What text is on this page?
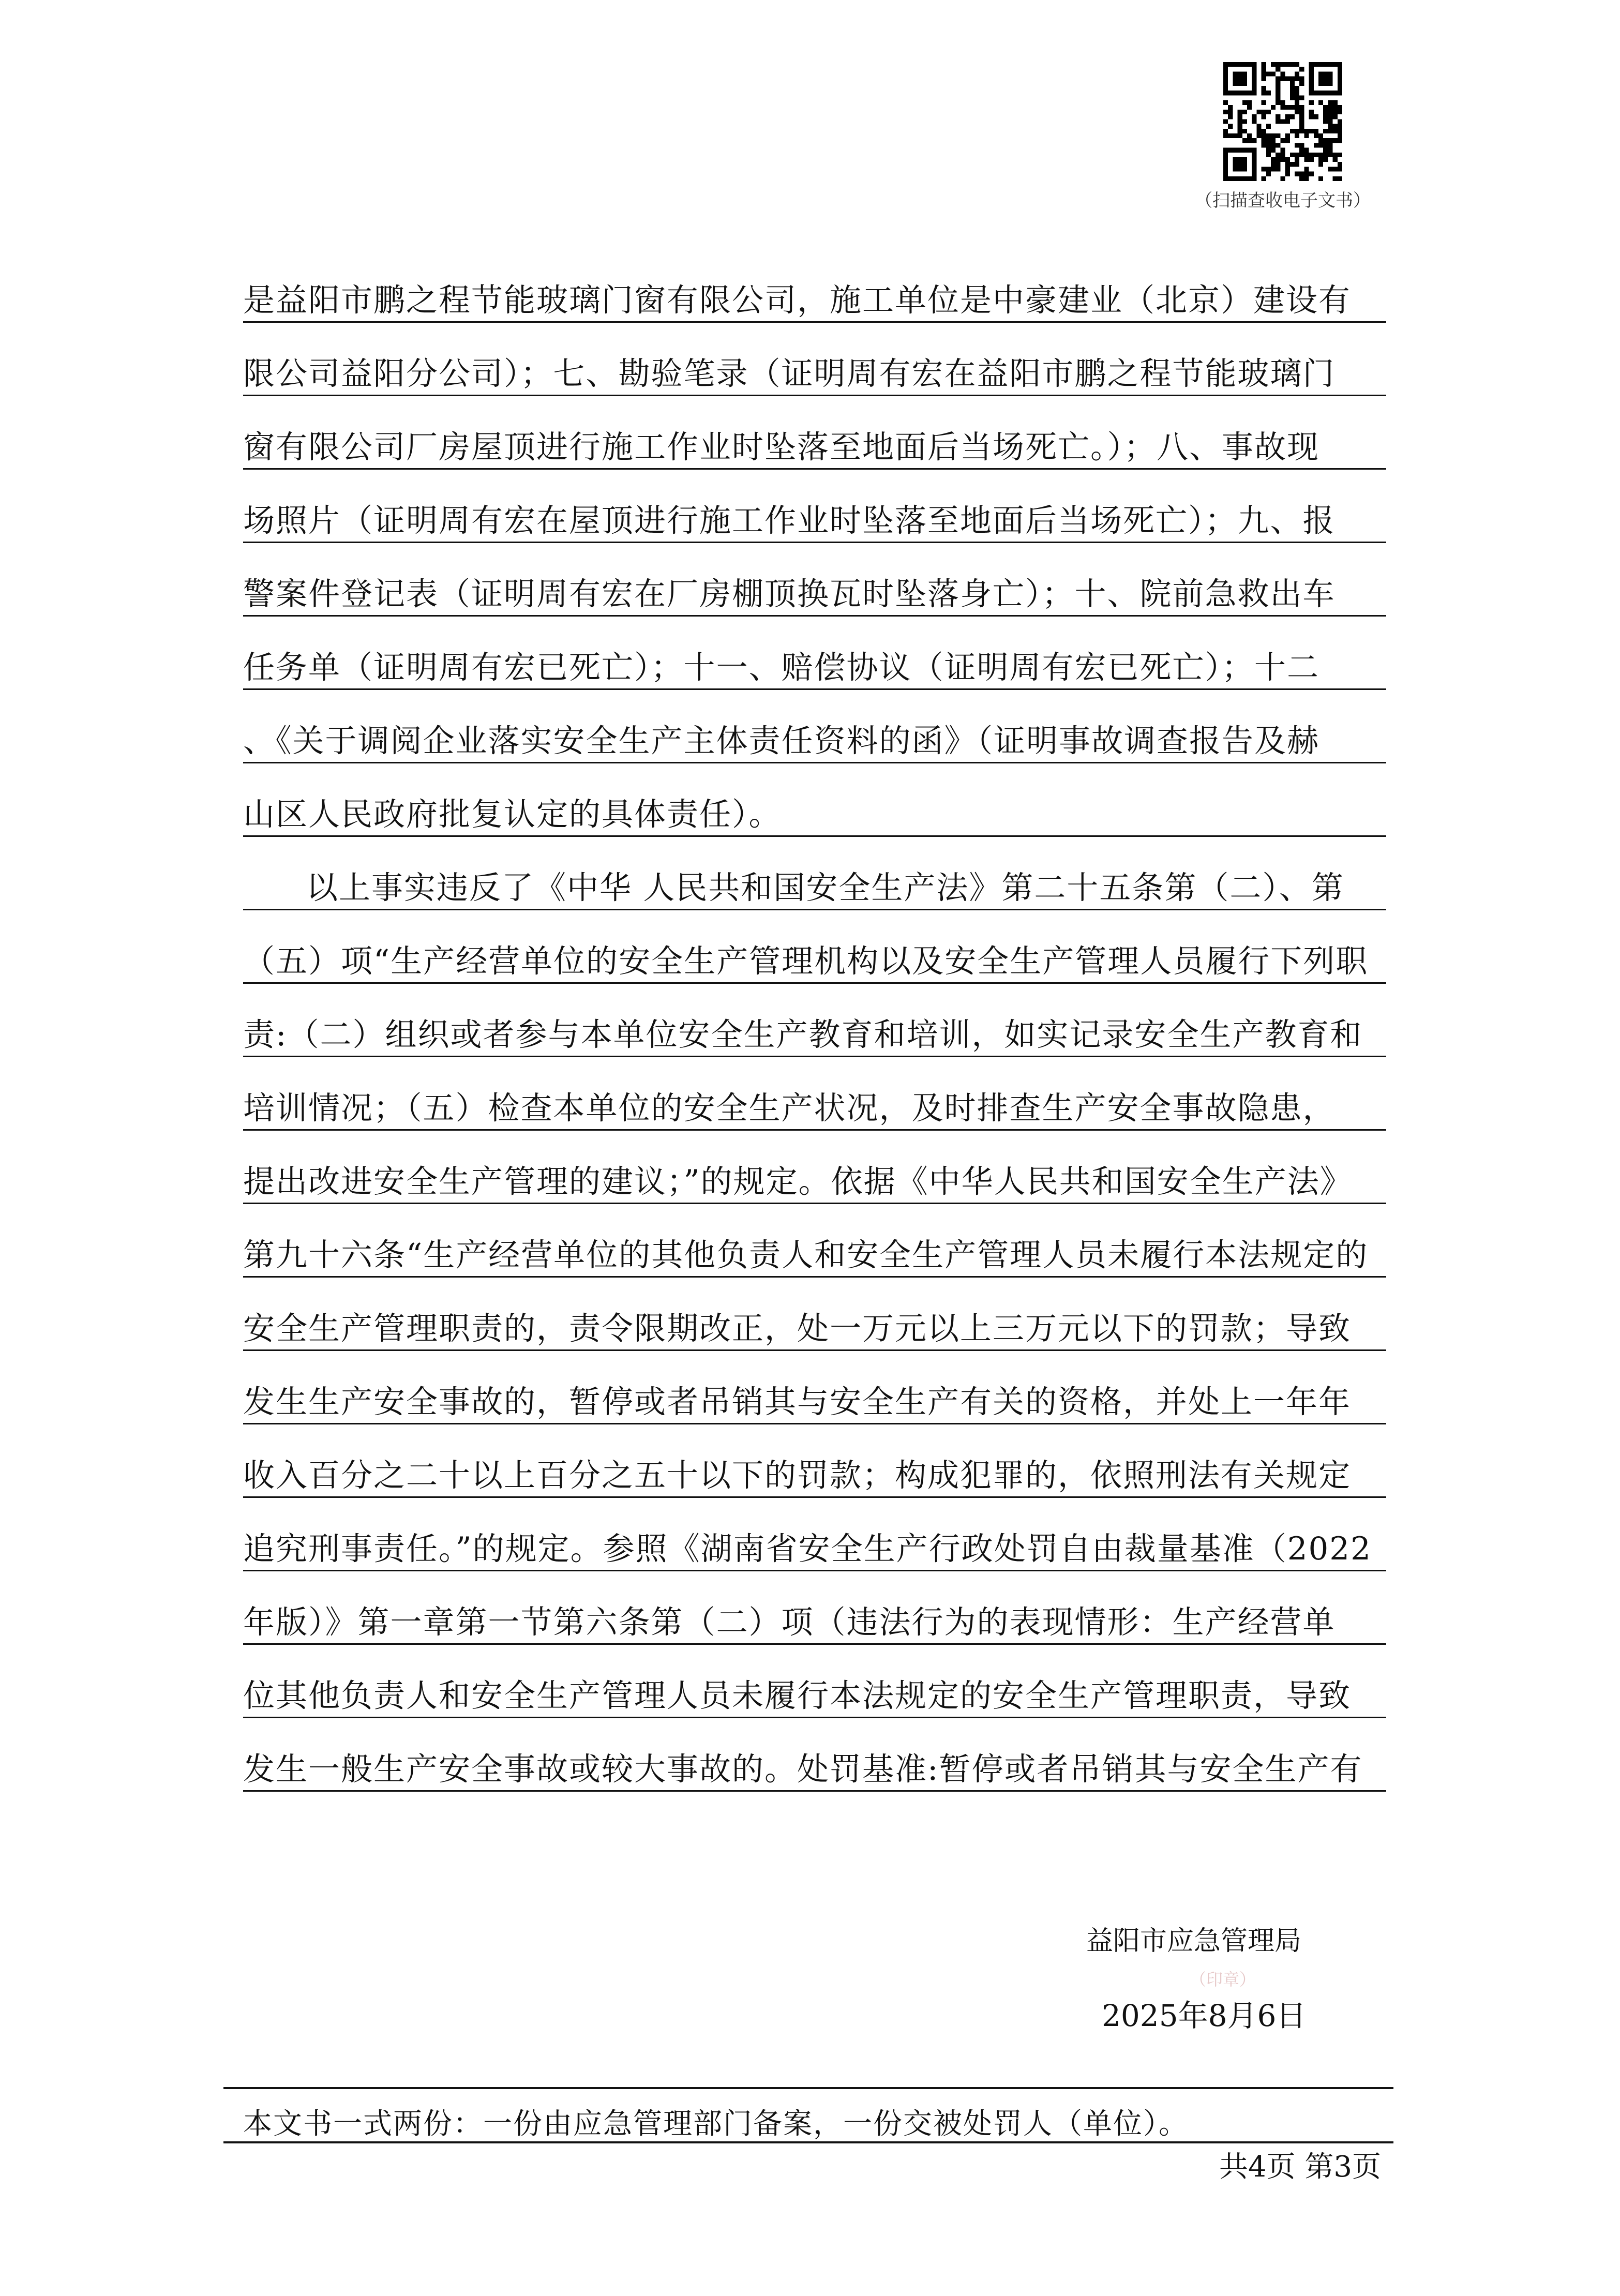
（扫描查收电子文书）
是益阳市鹏之程节能玻璃门窗有限公司，施工单位是中豪建业（北京）建设有
限公司益阳分公司）；七、勘验笔录（证明周有宏在益阳市鹏之程节能玻璃门
窗有限公司厂房屋顶进行施工作业时坠落至地面后当场死亡。）；八、事故现
场照片（证明周有宏在屋顶进行施工作业时坠落至地面后当场死亡）；九、报
警案件登记表（证明周有宏在厂房棚顶换瓦时坠落身亡）；十、院前急救出车
任务单（证明周有宏已死亡）；十一、赔偿协议（证明周有宏已死亡）；十二
、《关于调阅企业落实安全生产主体责任资料的函》（证明事故调查报告及赫
山区人民政府批复认定的具体责任）。
以上事实违反了《中华 人民共和国安全生产法》第二十五条第（二）、第
（五）项“生产经营单位的安全生产管理机构以及安全生产管理人员履行下列职
责:（二）组织或者参与本单位安全生产教育和培训，如实记录安全生产教育和
培训情况；（五）检查本单位的安全生产状况，及时排查生产安全事故隐患，
提出改进安全生产管理的建议；”的规定。依据《中华人民共和国安全生产法》
第九十六条“生产经营单位的其他负责人和安全生产管理人员未履行本法规定的
安全生产管理职责的，责令限期改正，处一万元以上三万元以下的罚款；导致
发生生产安全事故的，暂停或者吊销其与安全生产有关的资格，并处上一年年
收入百分之二十以上百分之五十以下的罚款；构成犯罪的，依照刑法有关规定
追究刑事责任。”的规定。参照《湖南省安全生产行政处罚自由裁量基准（2022
年版）》第一章第一节第六条第（二）项（违法行为的表现情形：生产经营单
位其他负责人和安全生产管理人员未履行本法规定的安全生产管理职责，导致
发生一般生产安全事故或较大事故的。处罚基准:暂停或者吊销其与安全生产有
益阳市应急管理局
（印章）
2025年8月6日
本文书一式两份：一份由应急管理部门备案，一份交被处罚人（单位）。
共4页 第3页
